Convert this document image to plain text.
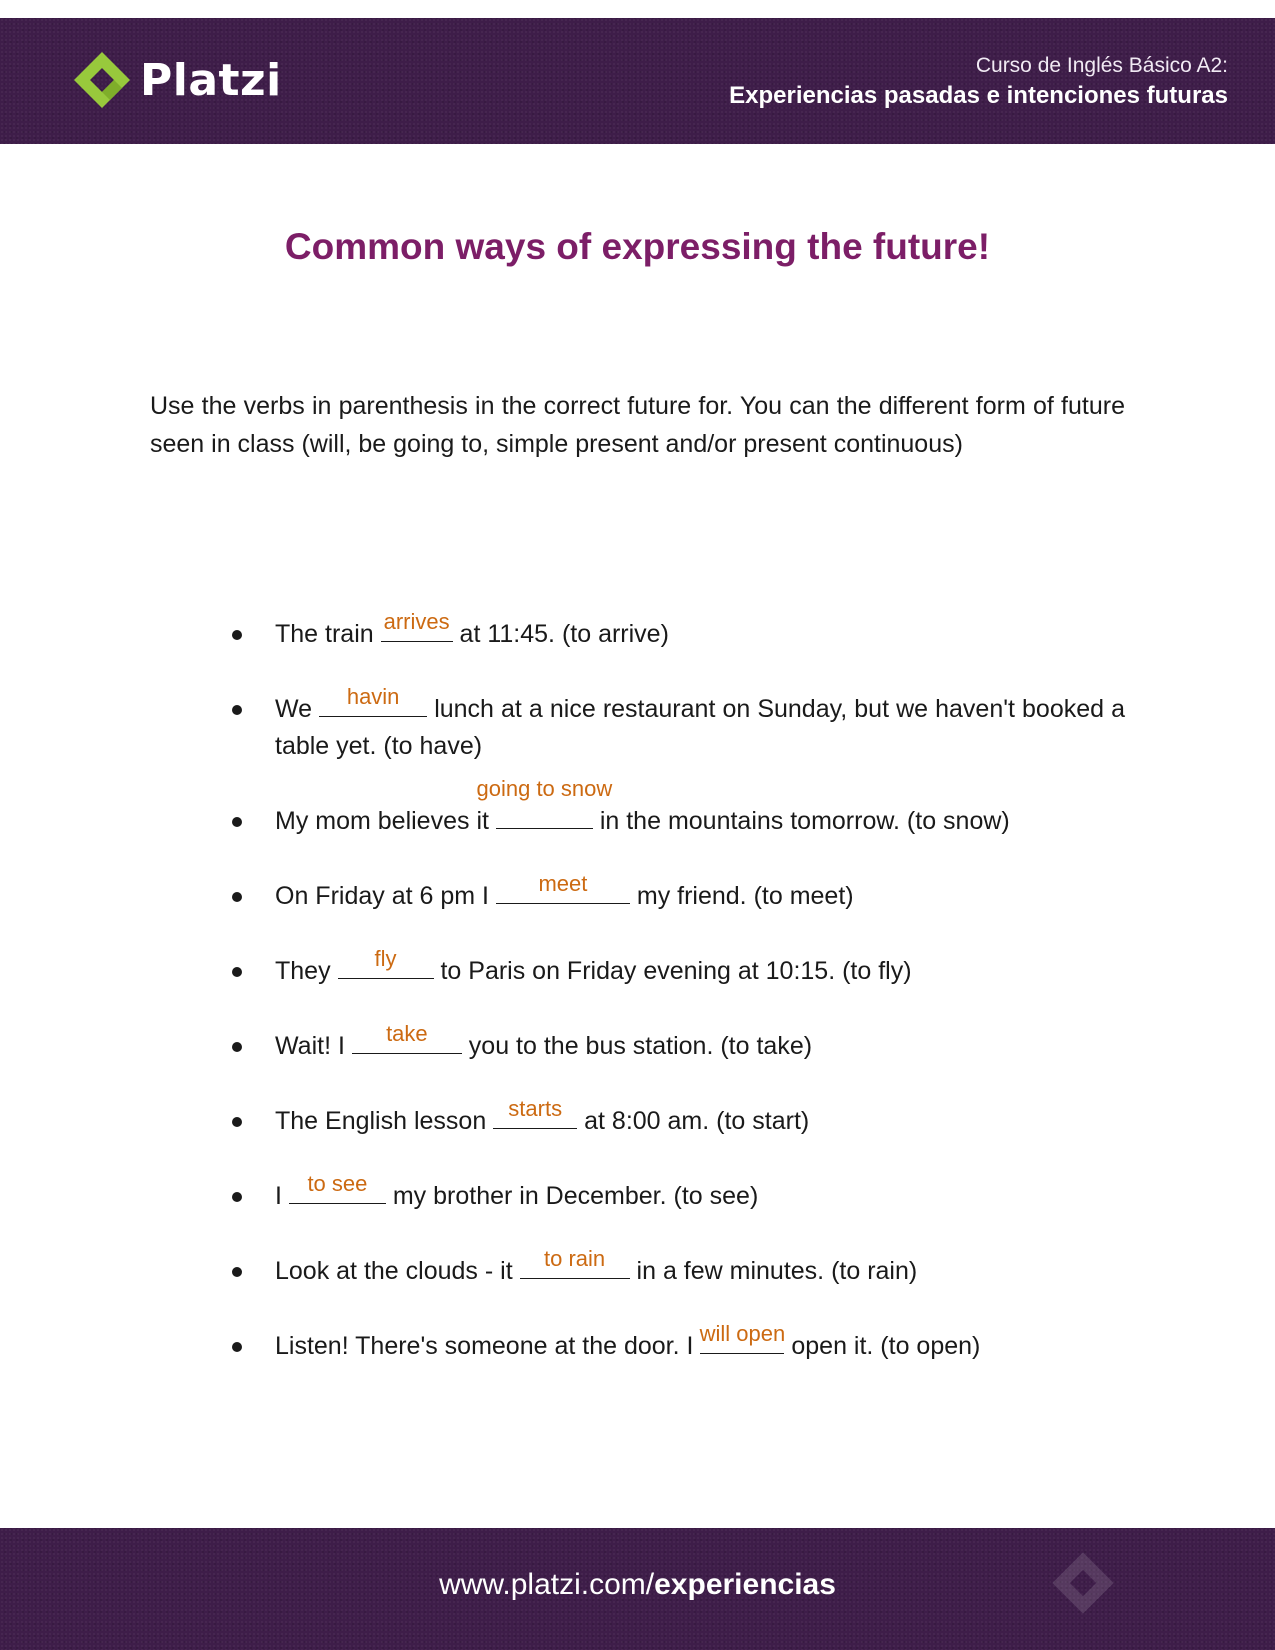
Platzi	Curso de Inglés Básico A2:
Experiencias pasadas e intenciones futuras
Common ways of expressing the future!
Use the verbs in parenthesis in the correct future for. You can the different form of future seen in class (will, be going to, simple present and/or present continuous)
The train arrives at 11:45. (to arrive)
We havin lunch at a nice restaurant on Sunday, but we haven't booked a table yet. (to have)
My mom believes it
going to snow
in the mountains tomorrow. (to snow)
On Friday at 6 pm I meet my friend. (to meet)
They fly to Paris on Friday evening at 10:15. (to fly)
Wait! I take you to the bus station. (to take)
The English lesson starts at 8:00 am. (to start)
I to see my brother in December. (to see)
Look at the clouds - it to rain in a few minutes. (to rain)
Listen! There's someone at the door. I will open open it. (to open)
www.platzi.com/experiencias
